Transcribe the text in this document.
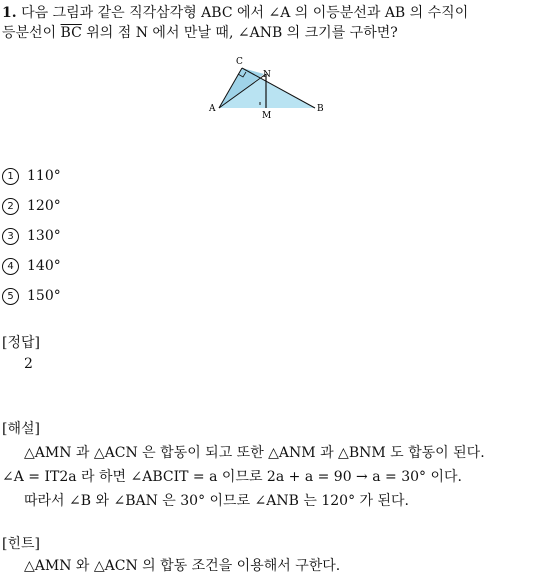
1. 다음 그림과 같은 직각삼각형 ABC 에서 ∠A 의 이등분선과 AB 의 수직이
등분선이 $\overline{BC}$ 위의 점 N 에서 만날 때, ∠ANB 의 크기를 구하면?
C
N
A
M
B
1 110°
2 120°
3 130°
4 140°
5 150°
[정답]
2
[해설]
△AMN 과 △ACN 은 합동이 되고 또한 △ANM 과 △BNM 도 합동이 된다.
∠A = IT2a 라 하면 ∠ABCIT = a 이므로 2a + a = 90 → a = 30° 이다.
따라서 ∠B 와 ∠BAN 은 30° 이므로 ∠ANB 는 120° 가 된다.
[힌트]
△AMN 와 △ACN 의 합동 조건을 이용해서 구한다.
